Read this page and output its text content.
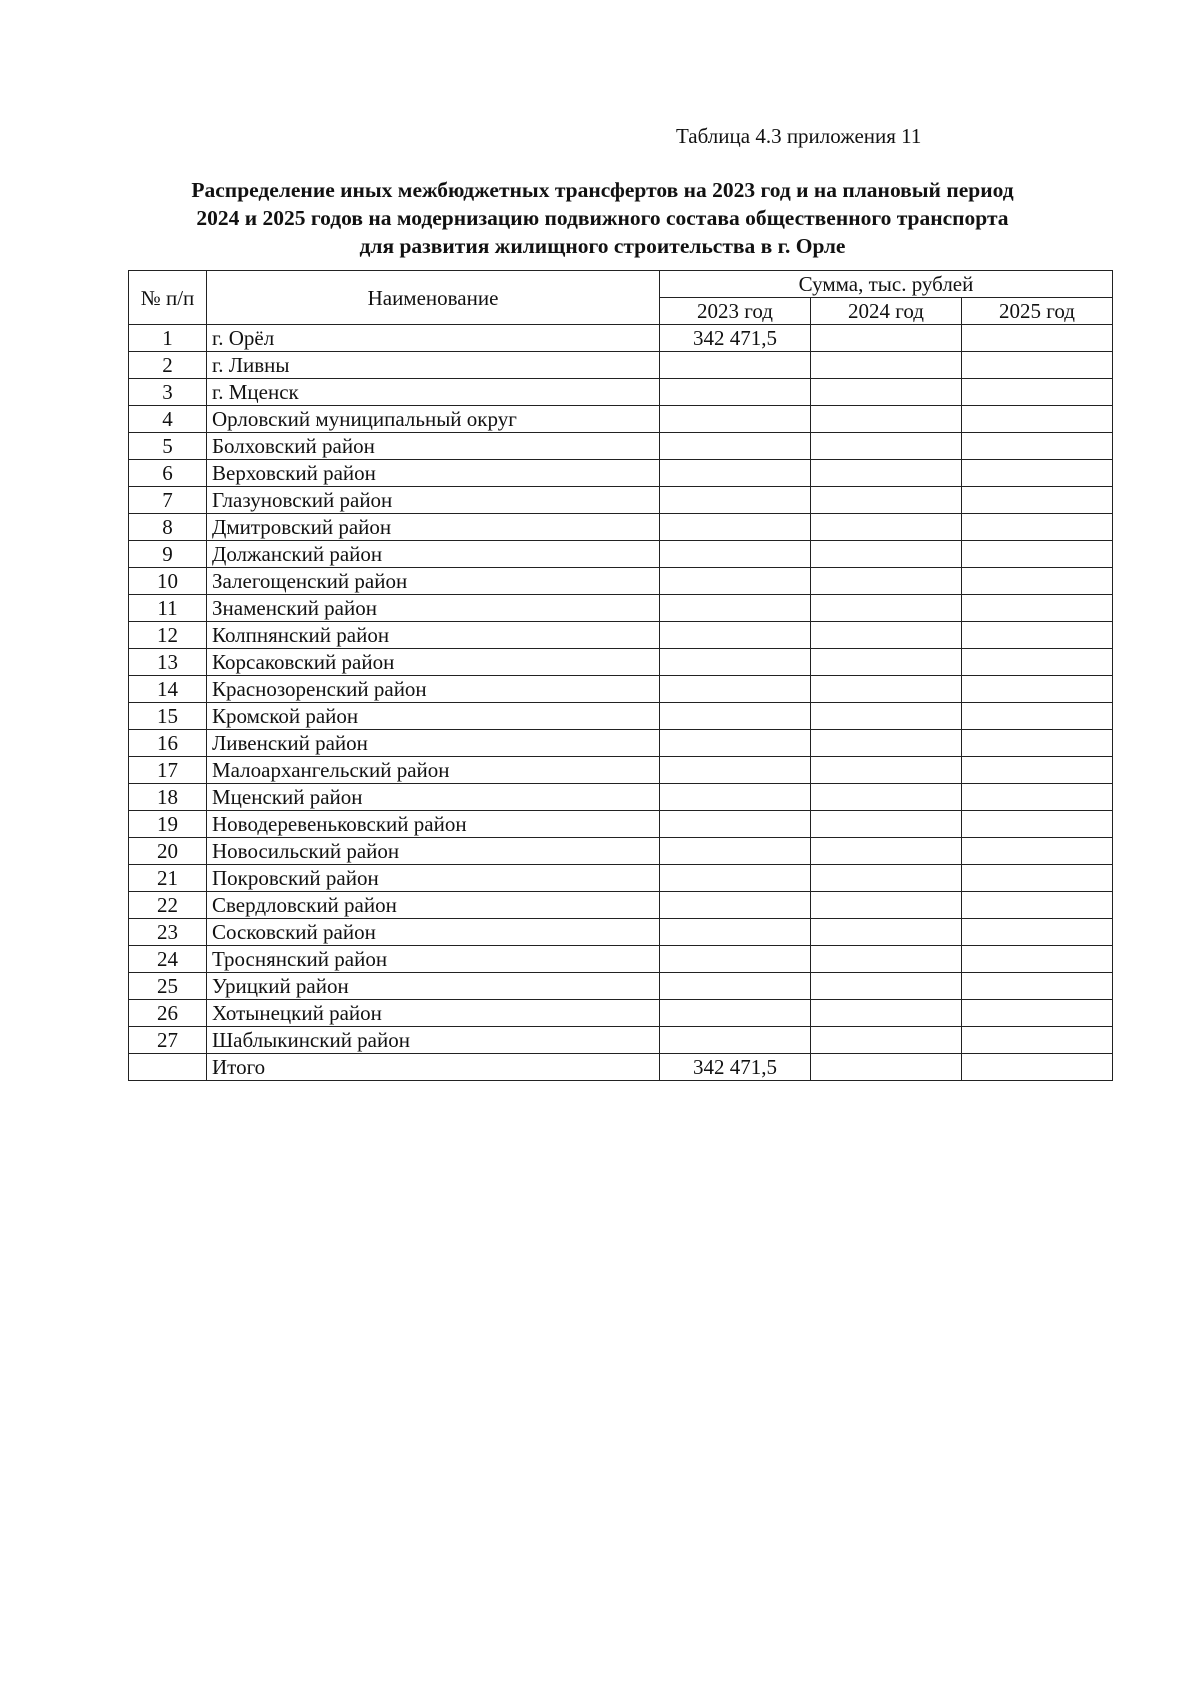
Таблица 4.3 приложения 11
Распределение иных межбюджетных трансфертов на 2023 год и на плановый период
2024 и 2025 годов на модернизацию подвижного состава общественного транспорта
для развития жилищного строительства в г. Орле
№ п/п	Наименование	Сумма, тыс. рублей		
		2023 год	2024 год	2025 год
1	г. Орёл	342 471,5		
2	г. Ливны			
3	г. Мценск			
4	Орловский муниципальный округ			
5	Болховский район			
6	Верховский район			
7	Глазуновский район			
8	Дмитровский район			
9	Должанский район			
10	Залегощенский район			
11	Знаменский район			
12	Колпнянский район			
13	Корсаковский район			
14	Краснозоренский район			
15	Кромской район			
16	Ливенский район			
17	Малоархангельский район			
18	Мценский район			
19	Новодеревеньковский район			
20	Новосильский район			
21	Покровский район			
22	Свердловский район			
23	Сосковский район			
24	Троснянский район			
25	Урицкий район			
26	Хотынецкий район			
27	Шаблыкинский район			
	Итого	342 471,5		
